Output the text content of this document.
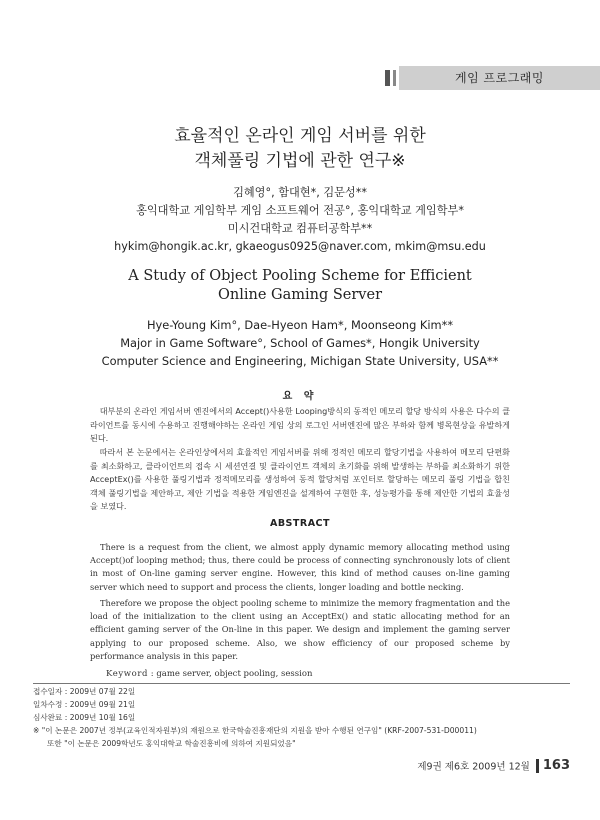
게임 프로그래밍
효율적인 온라인 게임 서버를 위한
객체풀링 기법에 관한 연구※
김혜영°, 함대현*, 김문성**
홍익대학교 게임학부 게임 소프트웨어 전공°, 홍익대학교 게임학부*
미시건대학교 컴퓨터공학부**
hykim@hongik.ac.kr, gkaeogus0925@naver.com, mkim@msu.edu
A Study of Object Pooling Scheme for Efficient
Online Gaming Server
Hye-Young Kim°, Dae-Hyeon Ham*, Moonseong Kim**
Major in Game Software°, School of Games*, Hongik University
Computer Science and Engineering, Michigan State University, USA**
요 약
대부분의 온라인 게임서버 엔진에서의 Accept()사용한 Looping방식의 동적인 메모리 할당 방식의 사용은 다수의 클라이언트를 동시에 수용하고 진행해야하는 온라인 게임 상의 로그인 서버엔진에 많은 부하와 함께 병목현상을 유발하게 된다.
따라서 본 논문에서는 온라인상에서의 효율적인 게임서버를 위해 정적인 메모리 할당기법을 사용하여 메모리 단편화를 최소화하고, 클라이언트의 접속 시 세션연결 및 클라이언트 객체의 초기화를 위해 발생하는 부하를 최소화하기 위한 AcceptEx()를 사용한 풀링기법과 정적메모리를 생성하여 동적 할당처럼 포인터로 할당하는 메모리 풀링 기법을 합친 객체 풀링기법을 제안하고, 제안 기법을 적용한 게임엔진을 설계하여 구현한 후, 성능평가를 통해 제안한 기법의 효율성을 보였다.
ABSTRACT
There is a request from the client, we almost apply dynamic memory allocating method using Accept()of looping method; thus, there could be process of connecting synchronously lots of client in most of On-line gaming server engine. However, this kind of method causes on-line gaming server which need to support and process the clients, longer loading and bottle necking.
Therefore we propose the object pooling scheme to minimize the memory fragmentation and the load of the initialization to the client using an AcceptEx() and static allocating method for an efficient gaming server of the On-line in this paper. We design and implement the gaming server applying to our proposed scheme. Also, we show efficiency of our proposed scheme by performance analysis in this paper.
Keyword : game server, object pooling, session
접수일자 : 2009년 07월 22일
일차수정 : 2009년 09월 21일
심사완료 : 2009년 10월 16일
※ "이 논문은 2007년 정부(교육인적자원부)의 재원으로 한국학술진흥재단의 지원을 받아 수행된 연구임" (KRF-2007-531-D00011)
또한 "이 논문은 2009학년도 홍익대학교 학술진흥비에 의하여 지원되었음"
제9권 제6호 2009년 12월 163
